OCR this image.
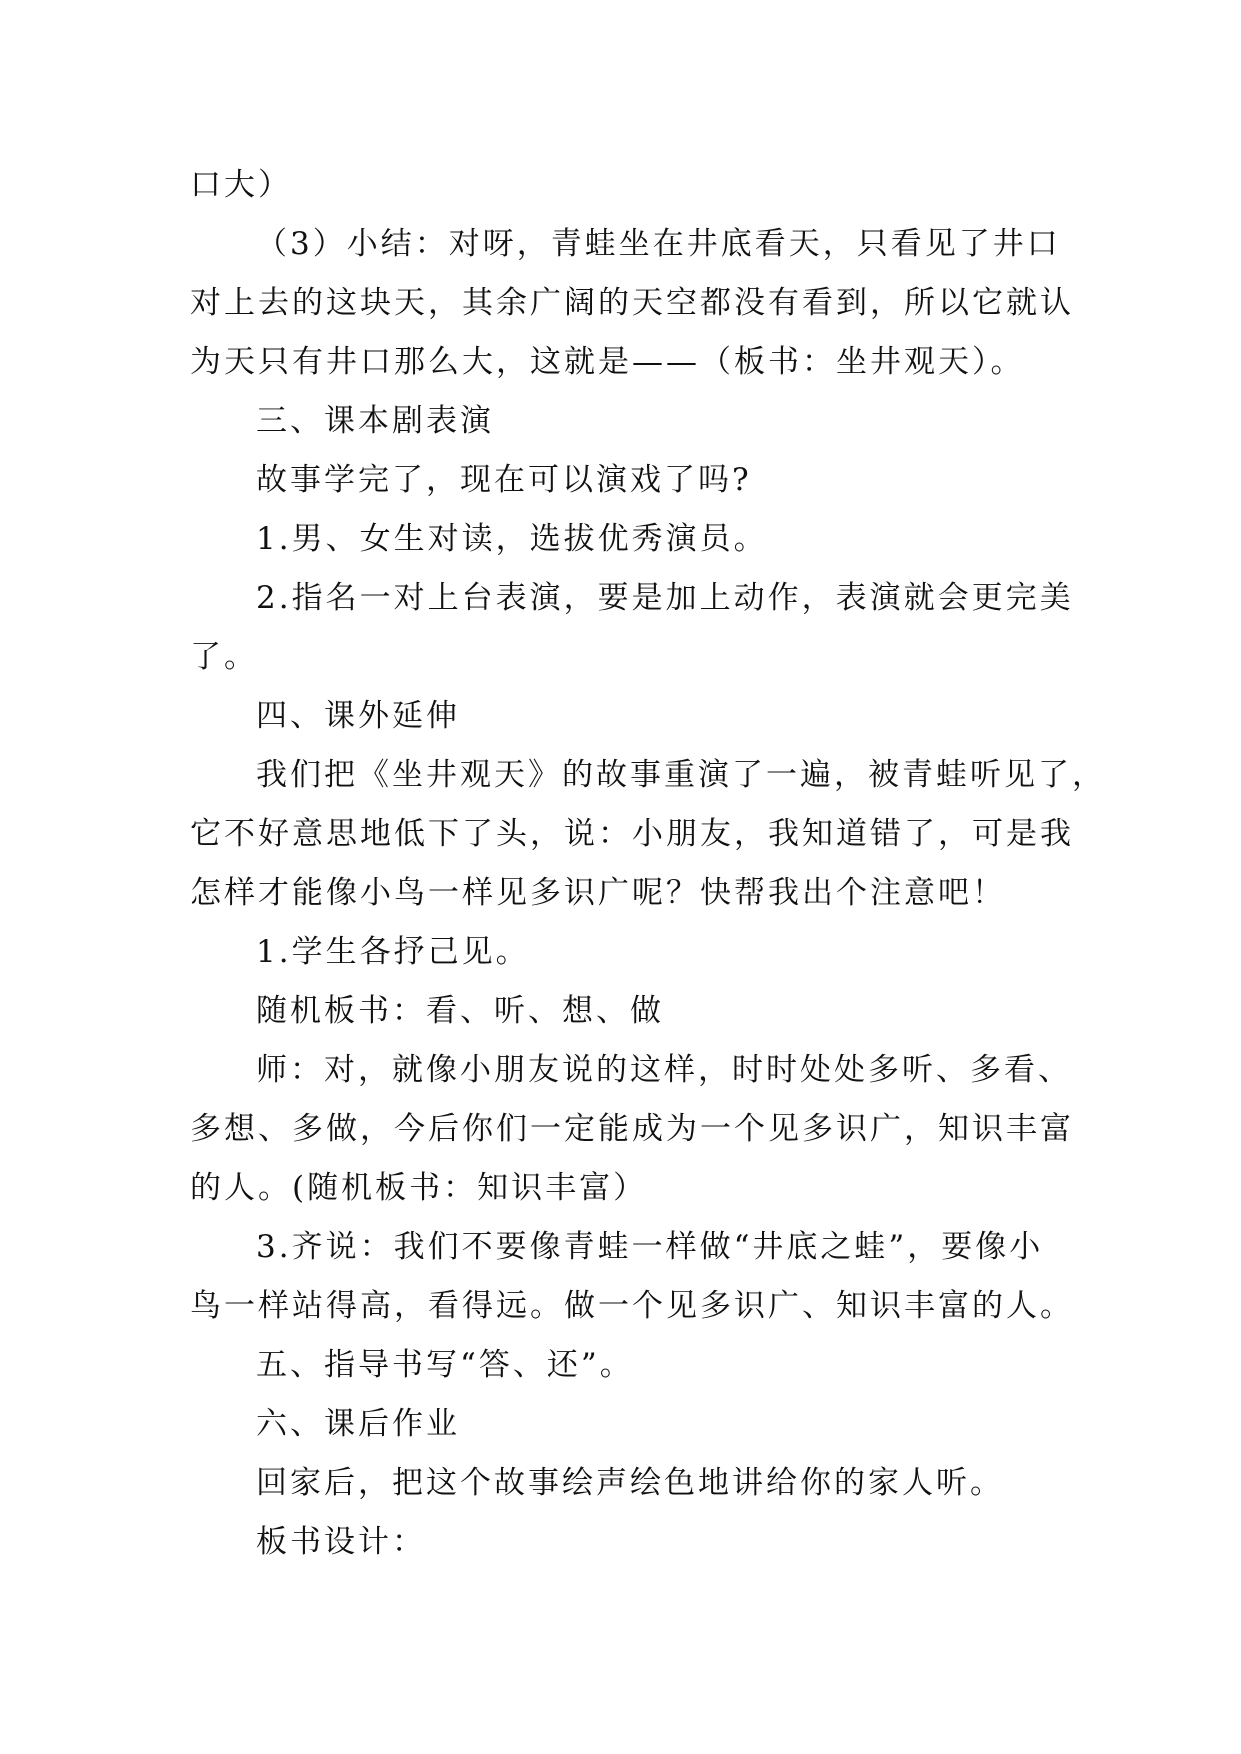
口大）
（3）小结：对呀，青蛙坐在井底看天，只看见了井口
对上去的这块天，其余广阔的天空都没有看到，所以它就认
为天只有井口那么大，这就是——（板书：坐井观天）。
三、课本剧表演
故事学完了，现在可以演戏了吗?
1.男、女生对读，选拔优秀演员。
2.指名一对上台表演，要是加上动作，表演就会更完美
了。
四、课外延伸
我们把《坐井观天》的故事重演了一遍，被青蛙听见了，
它不好意思地低下了头，说：小朋友，我知道错了，可是我
怎样才能像小鸟一样见多识广呢？快帮我出个注意吧！
1.学生各抒己见。
随机板书：看、听、想、做
师：对，就像小朋友说的这样，时时处处多听、多看、
多想、多做，今后你们一定能成为一个见多识广，知识丰富
的人。(随机板书：知识丰富）
3.齐说：我们不要像青蛙一样做“井底之蛙”，要像小
鸟一样站得高，看得远。做一个见多识广、知识丰富的人。
五、指导书写“答、还”。
六、课后作业
回家后，把这个故事绘声绘色地讲给你的家人听。
板书设计：
